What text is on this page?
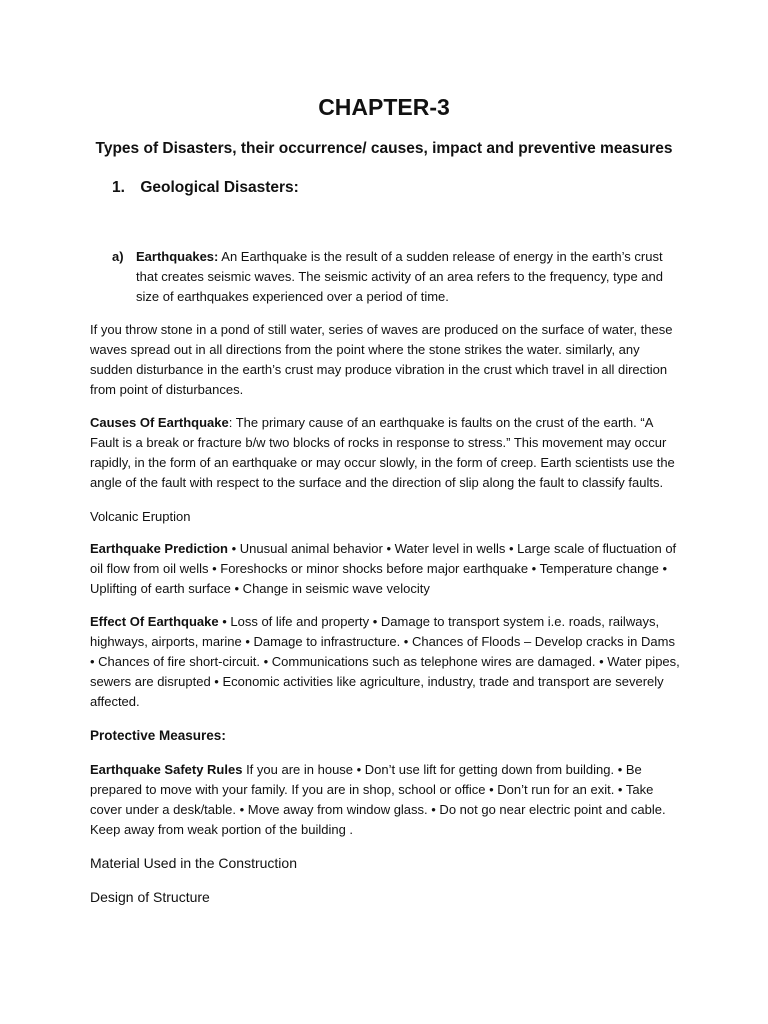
CHAPTER-3
Types of Disasters, their occurrence/ causes, impact and preventive measures
1. Geological Disasters:
a) Earthquakes: An Earthquake is the result of a sudden release of energy in the earth’s crust that creates seismic waves. The seismic activity of an area refers to the frequency, type and size of earthquakes experienced over a period of time.

If you throw stone in a pond of still water, series of waves are produced on the surface of water, these waves spread out in all directions from the point where the stone strikes the water. similarly, any sudden disturbance in the earth’s crust may produce vibration in the crust which travel in all direction from point of disturbances.

Causes Of Earthquake: The primary cause of an earthquake is faults on the crust of the earth. “A Fault is a break or fracture b/w two blocks of rocks in response to stress.” This movement may occur rapidly, in the form of an earthquake or may occur slowly, in the form of creep. Earth scientists use the angle of the fault with respect to the surface and the direction of slip along the fault to classify faults.

Volcanic Eruption

Earthquake Prediction • Unusual animal behavior • Water level in wells • Large scale of fluctuation of oil flow from oil wells • Foreshocks or minor shocks before major earthquake • Temperature change • Uplifting of earth surface • Change in seismic wave velocity

Effect Of Earthquake • Loss of life and property • Damage to transport system i.e. roads, railways, highways, airports, marine • Damage to infrastructure. • Chances of Floods – Develop cracks in Dams • Chances of fire short-circuit. • Communications such as telephone wires are damaged. • Water pipes, sewers are disrupted • Economic activities like agriculture, industry, trade and transport are severely affected.

Protective Measures:

Earthquake Safety Rules If you are in house • Don’t use lift for getting down from building. • Be prepared to move with your family. If you are in shop, school or office • Don’t run for an exit. • Take cover under a desk/table. • Move away from window glass. • Do not go near electric point and cable. Keep away from weak portion of the building .

Material Used in the Construction

Design of Structure
